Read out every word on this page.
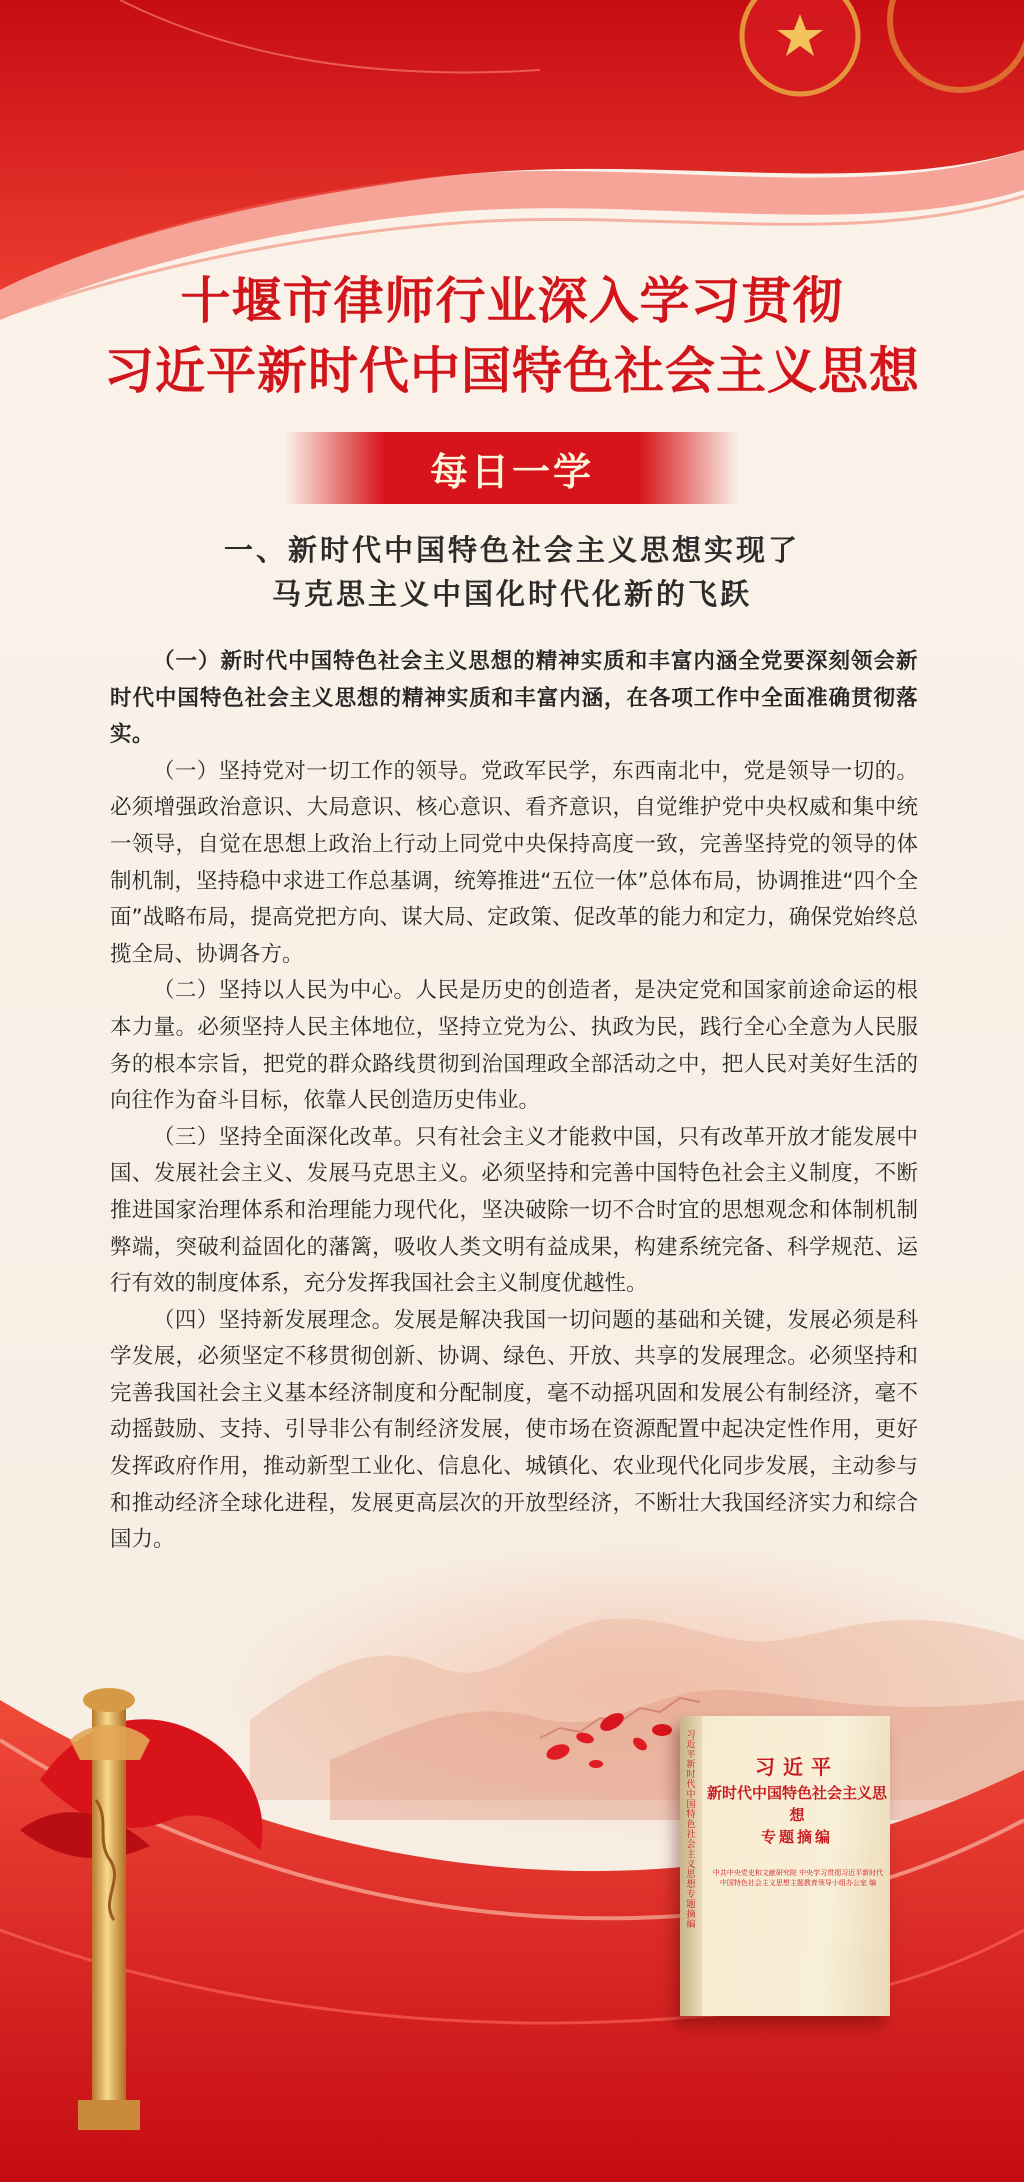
十堰市律师行业深入学习贯彻
习近平新时代中国特色社会主义思想
每日一学
一、新时代中国特色社会主义思想实现了
马克思主义中国化时代化新的飞跃

（一）新时代中国特色社会主义思想的精神实质和丰富内涵全党要深刻领会新时代中国特色社会主义思想的精神实质和丰富内涵，在各项工作中全面准确贯彻落实。

（一）坚持党对一切工作的领导。党政军民学，东西南北中，党是领导一切的。必须增强政治意识、大局意识、核心意识、看齐意识，自觉维护党中央权威和集中统一领导，自觉在思想上政治上行动上同党中央保持高度一致，完善坚持党的领导的体制机制，坚持稳中求进工作总基调，统筹推进“五位一体”总体布局，协调推进“四个全面”战略布局，提高党把方向、谋大局、定政策、促改革的能力和定力，确保党始终总揽全局、协调各方。

（二）坚持以人民为中心。人民是历史的创造者，是决定党和国家前途命运的根本力量。必须坚持人民主体地位，坚持立党为公、执政为民，践行全心全意为人民服务的根本宗旨，把党的群众路线贯彻到治国理政全部活动之中，把人民对美好生活的向往作为奋斗目标，依靠人民创造历史伟业。

（三）坚持全面深化改革。只有社会主义才能救中国，只有改革开放才能发展中国、发展社会主义、发展马克思主义。必须坚持和完善中国特色社会主义制度，不断推进国家治理体系和治理能力现代化，坚决破除一切不合时宜的思想观念和体制机制弊端，突破利益固化的藩篱，吸收人类文明有益成果，构建系统完备、科学规范、运行有效的制度体系，充分发挥我国社会主义制度优越性。

（四）坚持新发展理念。发展是解决我国一切问题的基础和关键，发展必须是科学发展，必须坚定不移贯彻创新、协调、绿色、开放、共享的发展理念。必须坚持和完善我国社会主义基本经济制度和分配制度，毫不动摇巩固和发展公有制经济，毫不动摇鼓励、支持、引导非公有制经济发展，使市场在资源配置中起决定性作用，更好发挥政府作用，推动新型工业化、信息化、城镇化、农业现代化同步发展，主动参与和推动经济全球化进程，发展更高层次的开放型经济，不断壮大我国经济实力和综合国力。

习近平新时代中国特色社会主义思想专题摘编
习近平
新时代中国特色社会主义思想
专题摘编
中共中央党史和文献研究院 中央学习贯彻习近平新时代中国特色社会主义思想主题教育领导小组办公室 编
